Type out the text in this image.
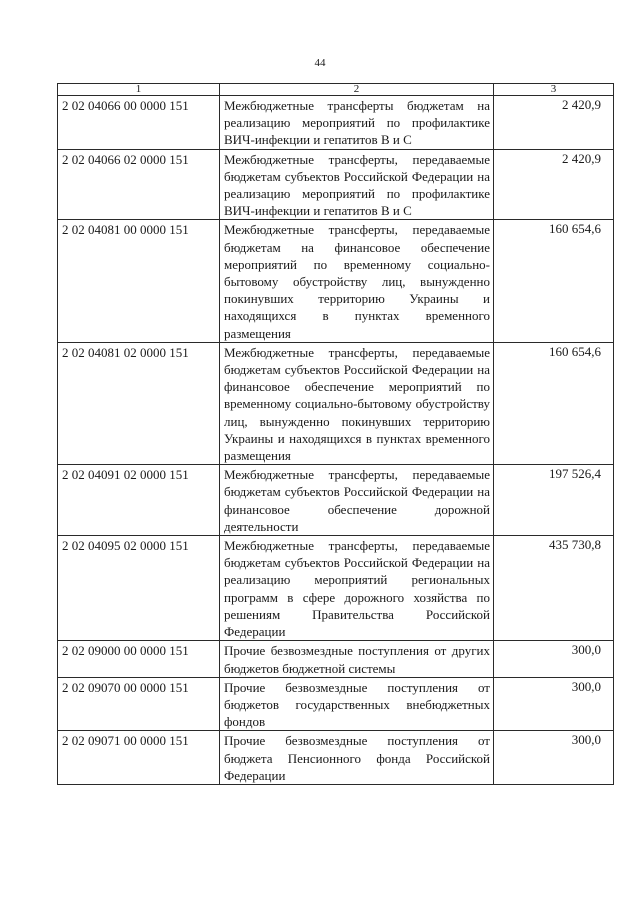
44
1	2	3
2 02 04066 00 0000 151	Межбюджетные трансферты бюджетам на реализацию мероприятий по профилактике ВИЧ-инфекции и гепатитов В и С	2 420,9
2 02 04066 02 0000 151	Межбюджетные трансферты, передаваемые бюджетам субъектов Российской Федерации на реализацию мероприятий по профилактике ВИЧ-инфекции и гепатитов В и С	2 420,9
2 02 04081 00 0000 151	Межбюджетные трансферты, передаваемые бюджетам на финансовое обеспечение мероприятий по временному социально-бытовому обустройству лиц, вынужденно покинувших территорию Украины и находящихся в пунктах временного размещения	160 654,6
2 02 04081 02 0000 151	Межбюджетные трансферты, передаваемые бюджетам субъектов Российской Федерации на финансовое обеспечение мероприятий по временному социально-бытовому обустройству лиц, вынужденно покинувших территорию Украины и находящихся в пунктах временного размещения	160 654,6
2 02 04091 02 0000 151	Межбюджетные трансферты, передаваемые бюджетам субъектов Российской Федерации на финансовое обеспечение дорожной деятельности	197 526,4
2 02 04095 02 0000 151	Межбюджетные трансферты, передаваемые бюджетам субъектов Российской Федерации на реализацию мероприятий региональных программ в сфере дорожного хозяйства по решениям Правительства Российской Федерации	435 730,8
2 02 09000 00 0000 151	Прочие безвозмездные поступления от других бюджетов бюджетной системы	300,0
2 02 09070 00 0000 151	Прочие безвозмездные поступления от бюджетов государственных внебюджетных фондов	300,0
2 02 09071 00 0000 151	Прочие безвозмездные поступления от бюджета Пенсионного фонда Российской Федерации	300,0
